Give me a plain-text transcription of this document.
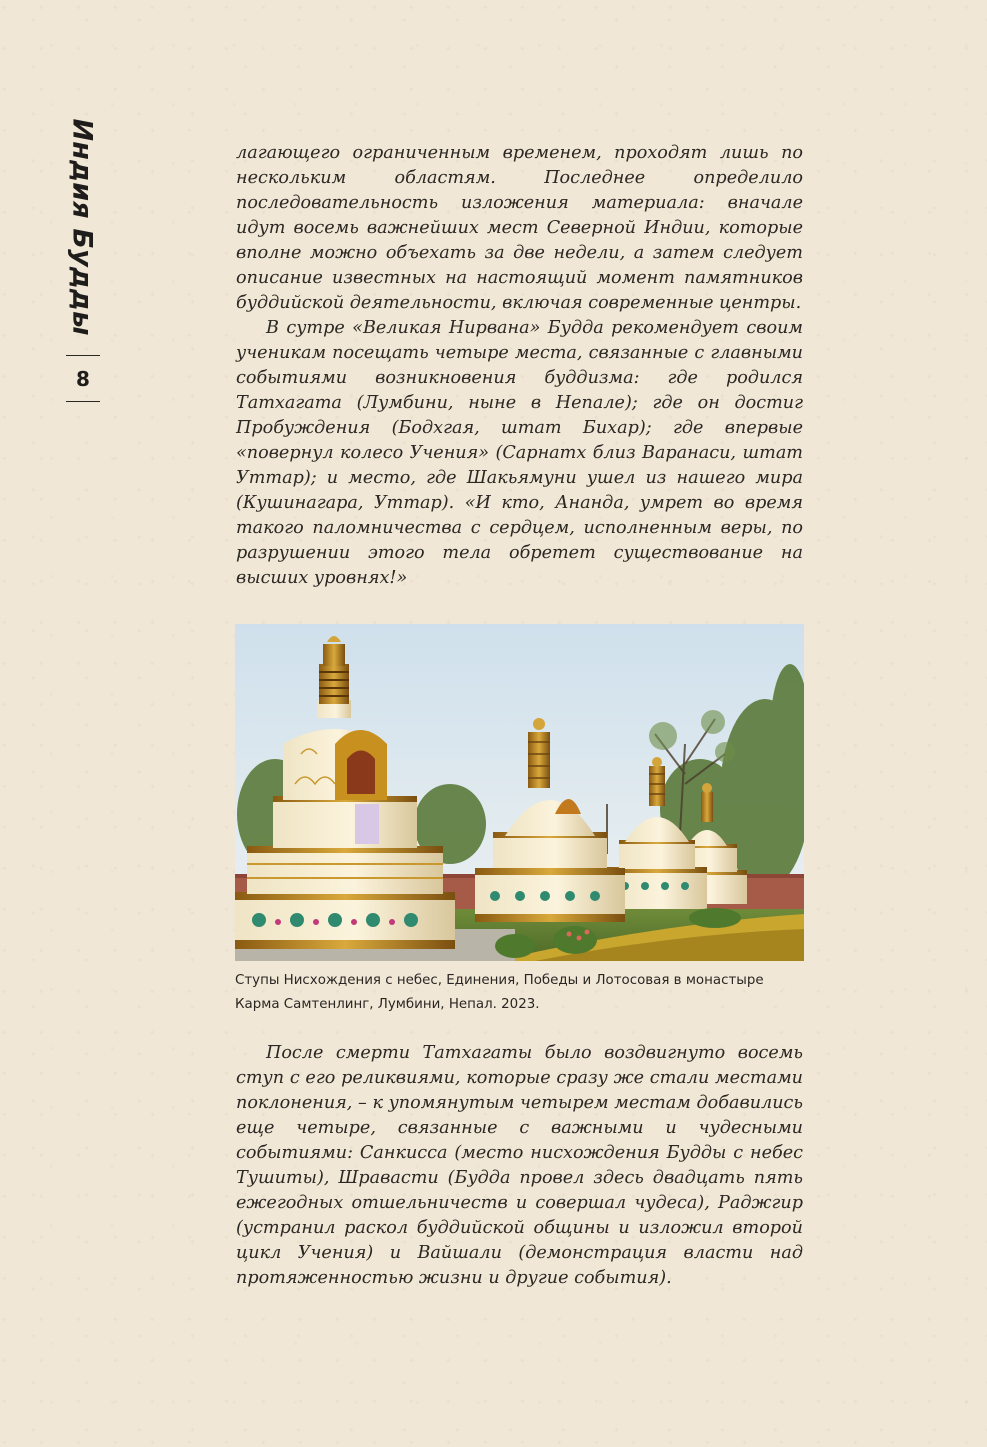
Индия Будды
8

лагающего ограниченным временем, проходят лишь по нескольким областям. Последнее определило последовательность изложения материала: вначале идут восемь важнейших мест Северной Индии, которые вполне можно объехать за две недели, а затем следует описание известных на настоящий момент памятников буддийской деятельности, включая современные центры.

В сутре «Великая Нирвана» Будда рекомендует своим ученикам посещать четыре места, связанные с главными событиями возникновения буддизма: где родился Татхагата (Лумбини, ныне в Непале); где он достиг Пробуждения (Бодхгая, штат Бихар); где впервые «повернул колесо Учения» (Сарнатх близ Варанаси, штат Уттар); и место, где Шакьямуни ушел из нашего мира (Кушинагара, Уттар). «И кто, Ананда, умрет во время такого паломничества с сердцем, исполненным веры, по разрушении этого тела обретет существование на высших уровнях!»

Ступы Нисхождения с небес, Единения, Победы и Лотосовая в монастыре

Карма Самтенлинг, Лумбини, Непал. 2023.

После смерти Татхагаты было воздвигнуто восемь ступ с его реликвиями, которые сразу же стали местами поклонения, – к упомянутым четырем местам добавились еще четыре, связанные с важными и чудесными событиями: Санкисса (место нисхождения Будды с небес Тушиты), Шравасти (Будда провел здесь двадцать пять ежегодных отшельничеств и совершал чудеса), Раджгир (устранил раскол буддийской общины и изложил второй цикл Учения) и Вайшали (демонстрация власти над протяженностью жизни и другие события).
